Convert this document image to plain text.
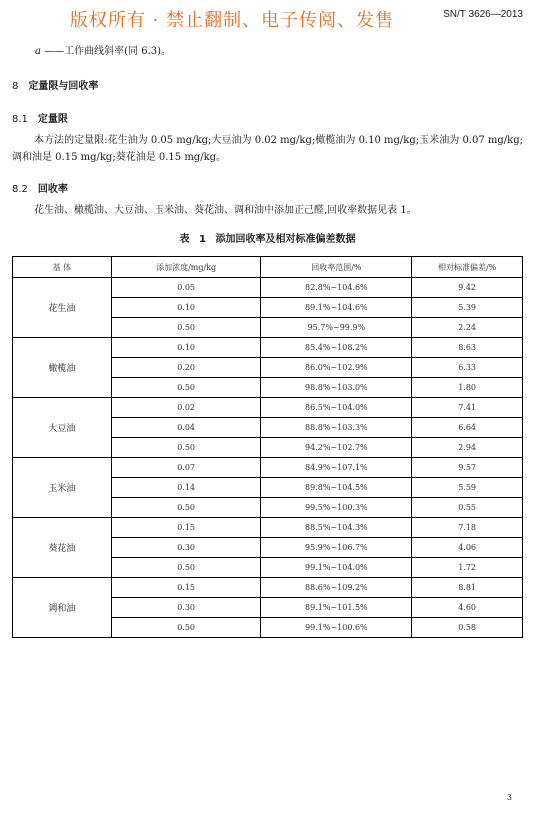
版权所有 · 禁止翻制、电子传阅、发售	SN/T 3626—2013
a ——工作曲线斜率(同 6.3)。
8 定量限与回收率
8.1 定量限
本方法的定量限:花生油为 0.05 mg/kg;大豆油为 0.02 mg/kg;橄榄油为 0.10 mg/kg;玉米油为 0.07 mg/kg;调和油是 0.15 mg/kg;葵花油是 0.15 mg/kg。
8.2 回收率
花生油、橄榄油、大豆油、玉米油、葵花油、调和油中添加正己醛,回收率数据见表 1。
表 1 添加回收率及相对标准偏差数据
基 体	添加浓度/mg/kg	回收率范围/%	相对标准偏差/%
花生油	0.05	82.8%~104.6%	9.42
	0.10	89.1%~104.6%	5.39
	0.50	95.7%~99.9%	2.24
橄榄油	0.10	85.4%~108.2%	8.63
	0.20	86.0%~102.9%	6.33
	0.50	98.8%~103.0%	1.80
大豆油	0.02	86.5%~104.0%	7.41
	0.04	88.8%~103.3%	6.64
	0.50	94.2%~102.7%	2.94
玉米油	0.07	84.9%~107.1%	9.57
	0.14	89.8%~104.5%	5.59
	0.50	99.5%~100.3%	0.55
葵花油	0.15	88.5%~104.3%	7.18
	0.30	95.9%~106.7%	4.06
	0.50	99.1%~104.0%	1.72
调和油	0.15	88.6%~109.2%	8.81
	0.30	89.1%~101.5%	4.60
	0.50	99.1%~100.6%	0.58
3
